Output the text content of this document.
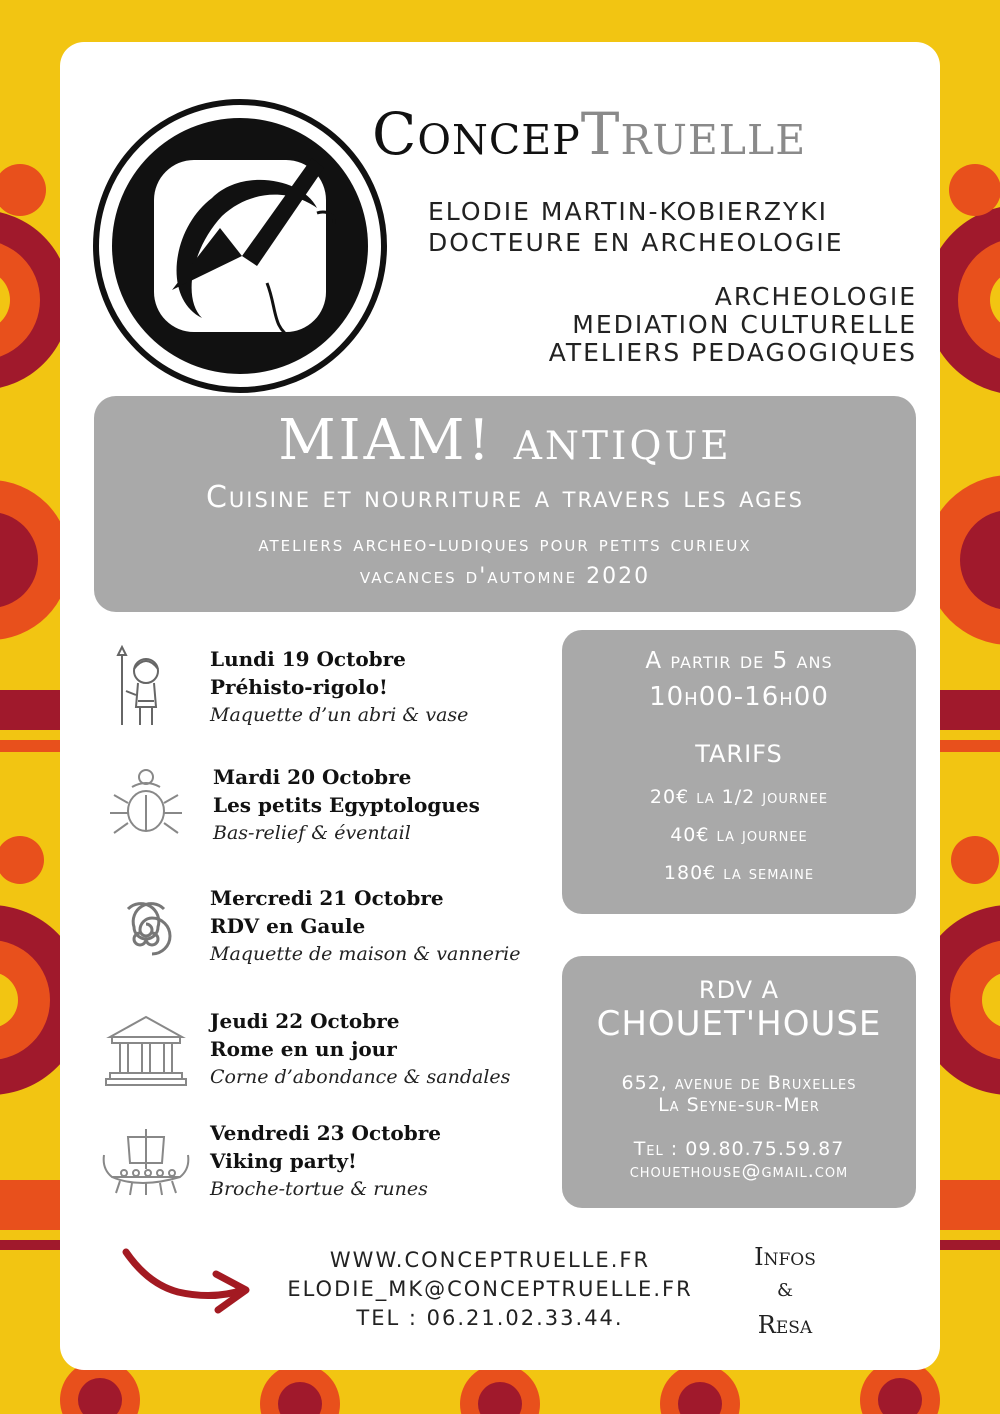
ConcepTruelle
ELODIE MARTIN-KOBIERZYKI
DOCTEURE EN ARCHEOLOGIE
ARCHEOLOGIE
MEDIATION CULTURELLE
ATELIERS PEDAGOGIQUES
MIAM! antique
Cuisine et nourriture a travers les ages
ateliers archeo-ludiques pour petits curieux
vacances d'automne 2020
Lundi 19 Octobre
Préhisto-rigolo!
Maquette d’un abri & vase
Mardi 20 Octobre
Les petits Egyptologues
Bas-relief & éventail
Mercredi 21 Octobre
RDV en Gaule
Maquette de maison & vannerie
Jeudi 22 Octobre
Rome en un jour
Corne d’abondance & sandales
Vendredi 23 Octobre
Viking party!
Broche-tortue & runes
A partir de 5 ans
10h00-16h00
TARIFS
20€ la 1/2 journee
40€ la journee
180€ la semaine
RDV A
CHOUET'HOUSE
652, avenue de Bruxelles
La Seyne-sur-Mer
Tel : 09.80.75.59.87
chouethouse@gmail.com
WWW.CONCEPTRUELLE.FR
ELODIE_MK@CONCEPTRUELLE.FR
TEL : 06.21.02.33.44.
Infos
&
Resa
